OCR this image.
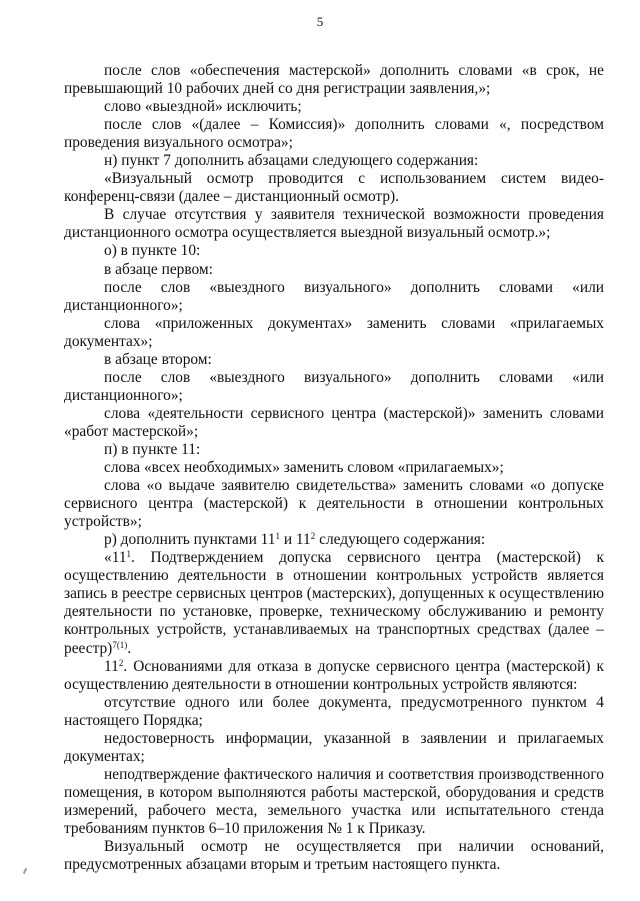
5

после слов «обеспечения мастерской» дополнить словами «в срок, не превышающий 10 рабочих дней со дня регистрации заявления,»;

слово «выездной» исключить;

после слов «(далее – Комиссия)» дополнить словами «, посредством проведения визуального осмотра»;

н) пункт 7 дополнить абзацами следующего содержания:

«Визуальный осмотр проводится с использованием систем видео-конференц-связи (далее – дистанционный осмотр).

В случае отсутствия у заявителя технической возможности проведения дистанционного осмотра осуществляется выездной визуальный осмотр.»;

о) в пункте 10:

в абзаце первом:

после слов «выездного визуального» дополнить словами «или дистанционного»;

слова «приложенных документах» заменить словами «прилагаемых документах»;

в абзаце втором:

после слов «выездного визуального» дополнить словами «или дистанционного»;

слова «деятельности сервисного центра (мастерской)» заменить словами «работ мастерской»;

п) в пункте 11:

слова «всех необходимых» заменить словом «прилагаемых»;

слова «о выдаче заявителю свидетельства» заменить словами «о допуске сервисного центра (мастерской) к деятельности в отношении контрольных устройств»;

р) дополнить пунктами $11^1$ и $11^2$ следующего содержания:

«$11^1$. Подтверждением допуска сервисного центра (мастерской) к осуществлению деятельности в отношении контрольных устройств является запись в реестре сервисных центров (мастерских), допущенных к осуществлению деятельности по установке, проверке, техническому обслуживанию и ремонту контрольных устройств, устанавливаемых на транспортных средствах (далее – реестр)$^{7(1)}$.

$11^2$. Основаниями для отказа в допуске сервисного центра (мастерской) к осуществлению деятельности в отношении контрольных устройств являются:

отсутствие одного или более документа, предусмотренного пунктом 4 настоящего Порядка;

недостоверность информации, указанной в заявлении и прилагаемых документах;

неподтверждение фактического наличия и соответствия производственного помещения, в котором выполняются работы мастерской, оборудования и средств измерений, рабочего места, земельного участка или испытательного стенда требованиям пунктов 6–10 приложения № 1 к Приказу.

Визуальный осмотр не осуществляется при наличии оснований, предусмотренных абзацами вторым и третьим настоящего пункта.
